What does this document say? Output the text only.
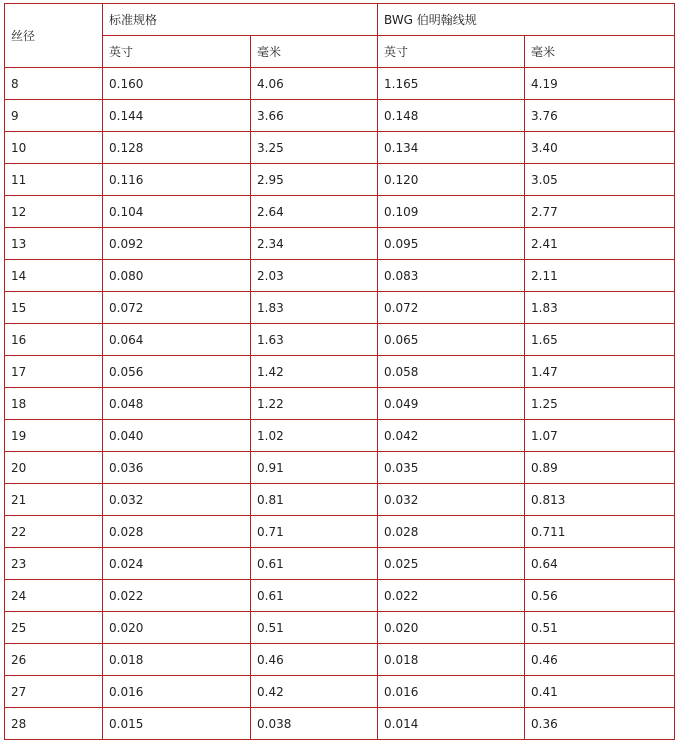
丝径	标准规格		BWG 伯明翰线规	
	英寸	毫米	英寸	毫米
8	0.160	4.06	1.165	4.19
9	0.144	3.66	0.148	3.76
10	0.128	3.25	0.134	3.40
11	0.116	2.95	0.120	3.05
12	0.104	2.64	0.109	2.77
13	0.092	2.34	0.095	2.41
14	0.080	2.03	0.083	2.11
15	0.072	1.83	0.072	1.83
16	0.064	1.63	0.065	1.65
17	0.056	1.42	0.058	1.47
18	0.048	1.22	0.049	1.25
19	0.040	1.02	0.042	1.07
20	0.036	0.91	0.035	0.89
21	0.032	0.81	0.032	0.813
22	0.028	0.71	0.028	0.711
23	0.024	0.61	0.025	0.64
24	0.022	0.61	0.022	0.56
25	0.020	0.51	0.020	0.51
26	0.018	0.46	0.018	0.46
27	0.016	0.42	0.016	0.41
28	0.015	0.038	0.014	0.36
